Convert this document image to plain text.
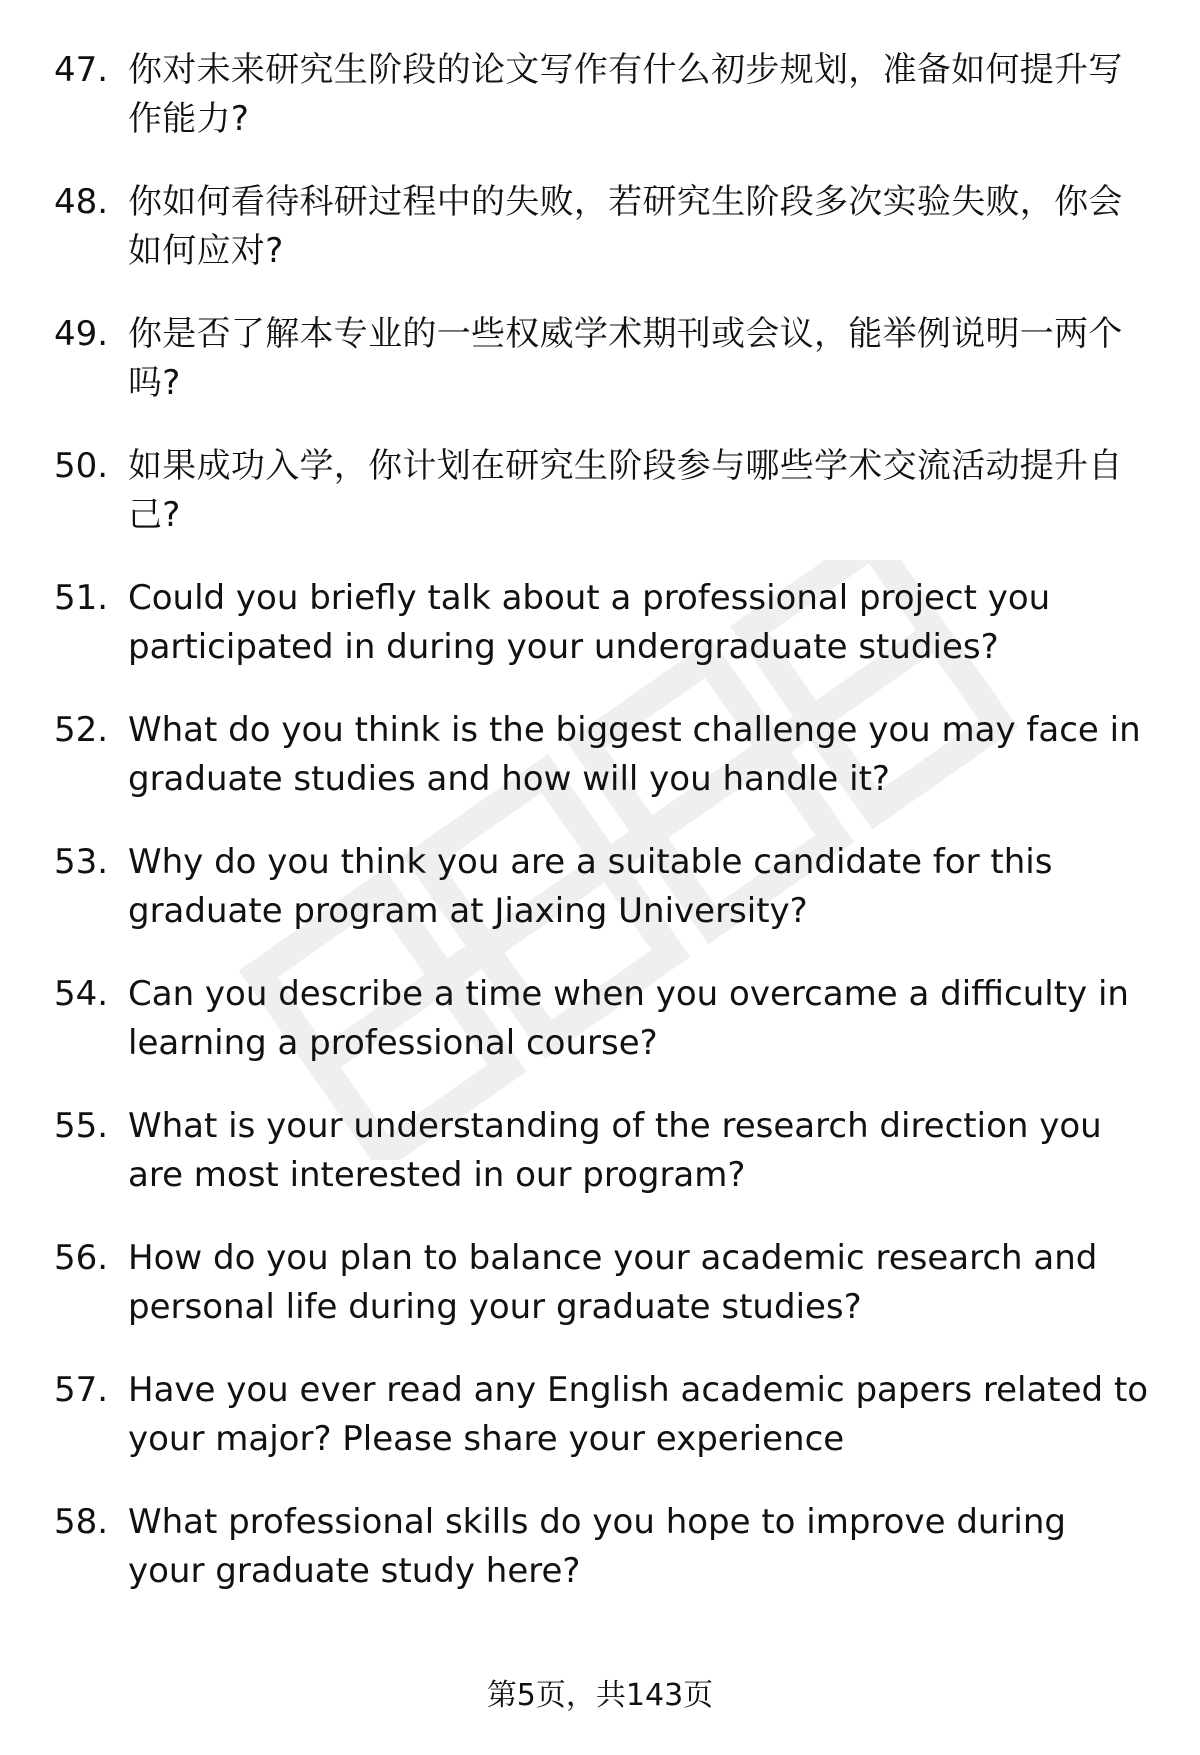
47. 你对未来研究生阶段的论文写作有什么初步规划，准备如何提升写作能力?
48. 你如何看待科研过程中的失败，若研究生阶段多次实验失败，你会如何应对?
49. 你是否了解本专业的一些权威学术期刊或会议，能举例说明一两个吗?
50. 如果成功入学，你计划在研究生阶段参与哪些学术交流活动提升自己?
51. Could you briefly talk about a professional project you participated in during your undergraduate studies?
52. What do you think is the biggest challenge you may face in graduate studies and how will you handle it?
53. Why do you think you are a suitable candidate for this graduate program at Jiaxing University?
54. Can you describe a time when you overcame a difficulty in learning a professional course?
55. What is your understanding of the research direction you are most interested in our program?
56. How do you plan to balance your academic research and personal life during your graduate studies?
57. Have you ever read any English academic papers related to your major? Please share your experience
58. What professional skills do you hope to improve during your graduate study here?
第5页，共143页
